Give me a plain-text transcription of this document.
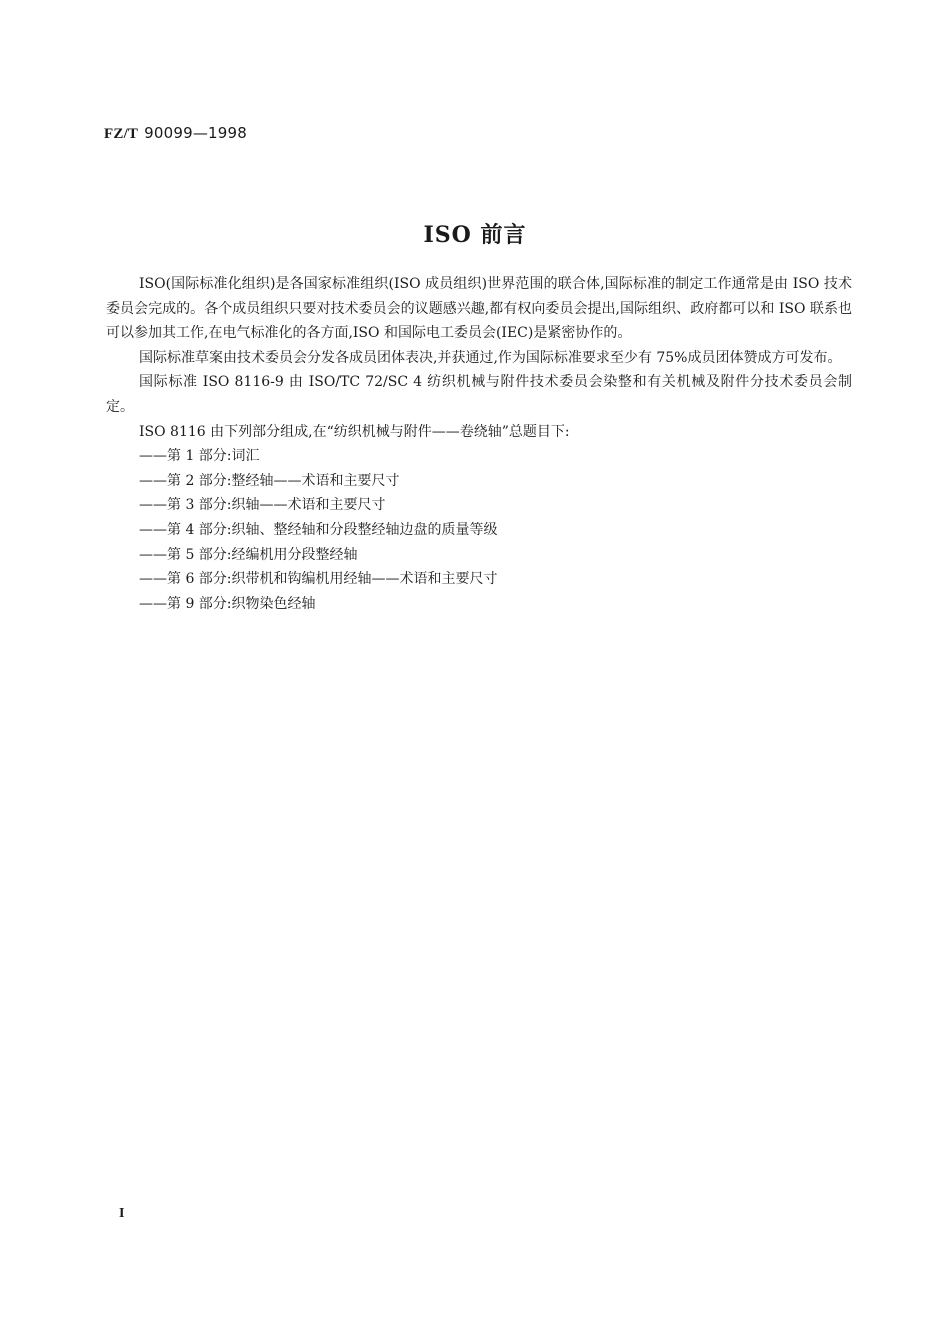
FZ/T 90099—1998
ISO 前言

ISO(国际标准化组织)是各国家标准组织(ISO 成员组织)世界范围的联合体,国际标准的制定工作通常是由 ISO 技术委员会完成的。各个成员组织只要对技术委员会的议题感兴趣,都有权向委员会提出,国际组织、政府都可以和 ISO 联系也可以参加其工作,在电气标准化的各方面,ISO 和国际电工委员会(IEC)是紧密协作的。

国际标准草案由技术委员会分发各成员团体表决,并获通过,作为国际标准要求至少有 75%成员团体赞成方可发布。

国际标准 ISO 8116-9 由 ISO/TC 72/SC 4 纺织机械与附件技术委员会染整和有关机械及附件分技术委员会制定。

ISO 8116 由下列部分组成,在“纺织机械与附件——卷绕轴”总题目下:

——第 1 部分:词汇
——第 2 部分:整经轴——术语和主要尺寸
——第 3 部分:织轴——术语和主要尺寸
——第 4 部分:织轴、整经轴和分段整经轴边盘的质量等级
——第 5 部分:经编机用分段整经轴
——第 6 部分:织带机和钩编机用经轴——术语和主要尺寸
——第 9 部分:织物染色经轴
I
